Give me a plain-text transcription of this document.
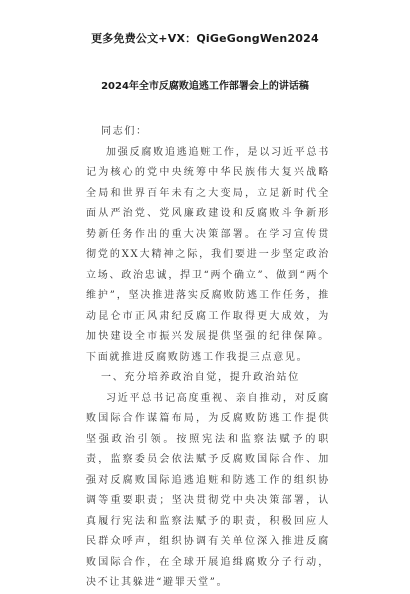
更多免费公文+VX：QiGeGongWen2024
2024年全市反腐败追逃工作部署会上的讲话稿

同志们：

加强反腐败追逃追赃工作，是以习近平总书记为核心的党中央统筹中华民族伟大复兴战略全局和世界百年未有之大变局，立足新时代全面从严治党、党风廉政建设和反腐败斗争新形势新任务作出的重大决策部署。在学习宣传贯彻党的XX大精神之际，我们要进一步坚定政治立场、政治忠诚，捍卫“两个确立”、做到“两个维护”，坚决推进落实反腐败防逃工作任务，推动昆仑市正风肃纪反腐工作取得更大成效，为加快建设全市振兴发展提供坚强的纪律保障。下面就推进反腐败防逃工作我提三点意见。

一、充分培养政治自觉，提升政治站位

习近平总书记高度重视、亲自推动，对反腐败国际合作谋篇布局，为反腐败防逃工作提供坚强政治引领。按照宪法和监察法赋予的职责，监察委员会依法赋予反腐败国际合作、加强对反腐败国际追逃追赃和防逃工作的组织协调等重要职责；坚决贯彻党中央决策部署，认真履行宪法和监察法赋予的职责，积极回应人民群众呼声，组织协调有关单位深入推进反腐败国际合作，在全球开展追缉腐败分子行动，决不让其躲进“避罪天堂”。
